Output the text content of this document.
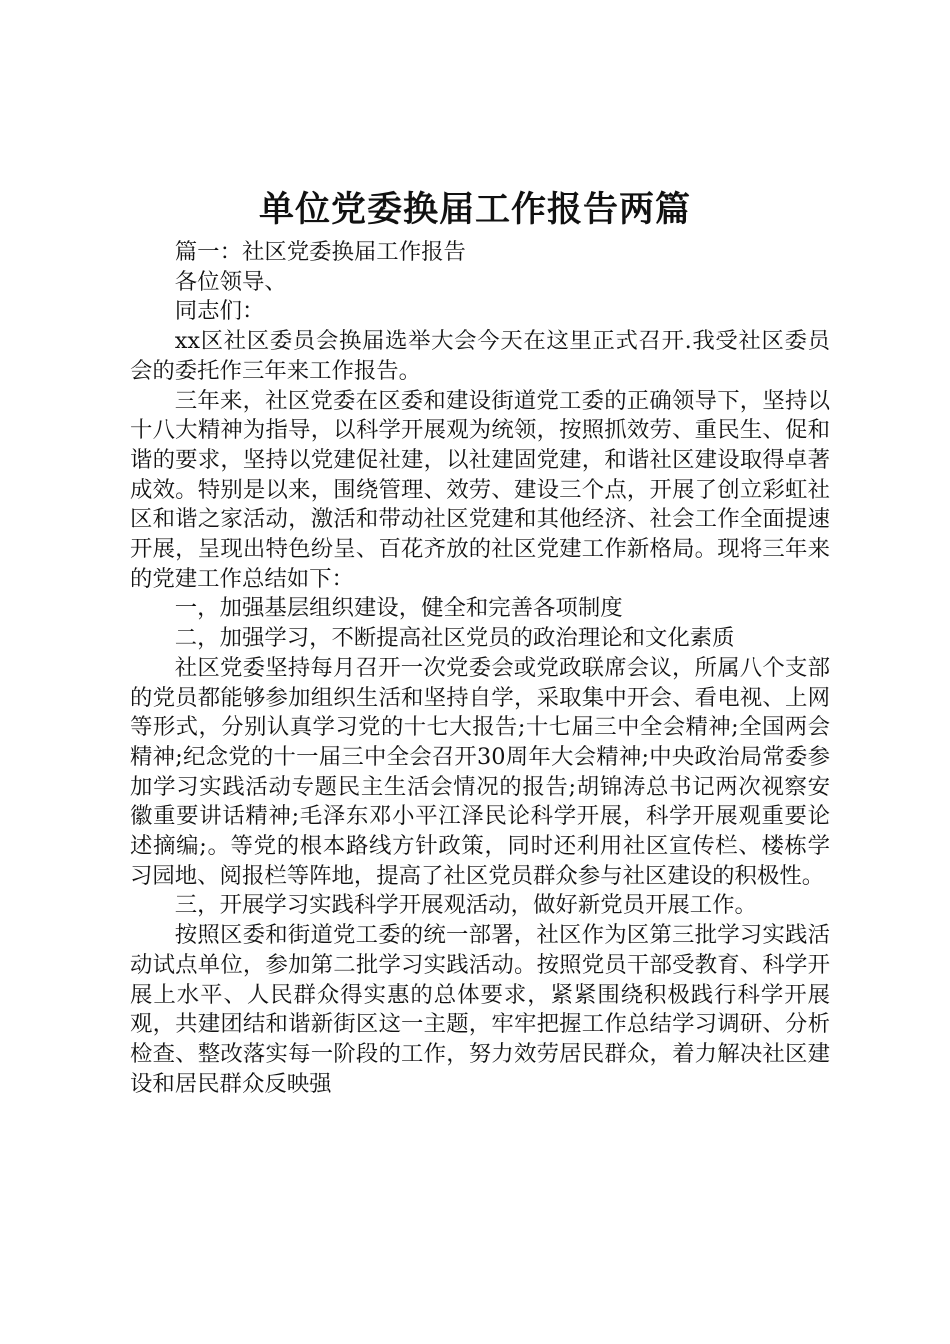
单位党委换届工作报告两篇

篇一：社区党委换届工作报告

各位领导、

同志们：

xx区社区委员会换届选举大会今天在这里正式召开.我受社区委员会的委托作三年来工作报告。

三年来，社区党委在区委和建设街道党工委的正确领导下，坚持以十八大精神为指导，以科学开展观为统领，按照抓效劳、重民生、促和谐的要求，坚持以党建促社建，以社建固党建，和谐社区建设取得卓著成效。特别是以来，围绕管理、效劳、建设三个点，开展了创立彩虹社区和谐之家活动，激活和带动社区党建和其他经济、社会工作全面提速开展，呈现出特色纷呈、百花齐放的社区党建工作新格局。现将三年来的党建工作总结如下：

一，加强基层组织建设，健全和完善各项制度

二，加强学习，不断提高社区党员的政治理论和文化素质

社区党委坚持每月召开一次党委会或党政联席会议，所属八个支部的党员都能够参加组织生活和坚持自学，采取集中开会、看电视、上网等形式，分别认真学习党的十七大报告;十七届三中全会精神;全国两会精神;纪念党的十一届三中全会召开30周年大会精神;中央政治局常委参加学习实践活动专题民主生活会情况的报告;胡锦涛总书记两次视察安徽重要讲话精神;毛泽东邓小平江泽民论科学开展，科学开展观重要论述摘编;。等党的根本路线方针政策，同时还利用社区宣传栏、楼栋学习园地、阅报栏等阵地，提高了社区党员群众参与社区建设的积极性。

三，开展学习实践科学开展观活动，做好新党员开展工作。

按照区委和街道党工委的统一部署，社区作为区第三批学习实践活动试点单位，参加第二批学习实践活动。按照党员干部受教育、科学开展上水平、人民群众得实惠的总体要求，紧紧围绕积极践行科学开展观，共建团结和谐新街区这一主题，牢牢把握工作总结学习调研、分析检查、整改落实每一阶段的工作，努力效劳居民群众，着力解决社区建设和居民群众反映强
